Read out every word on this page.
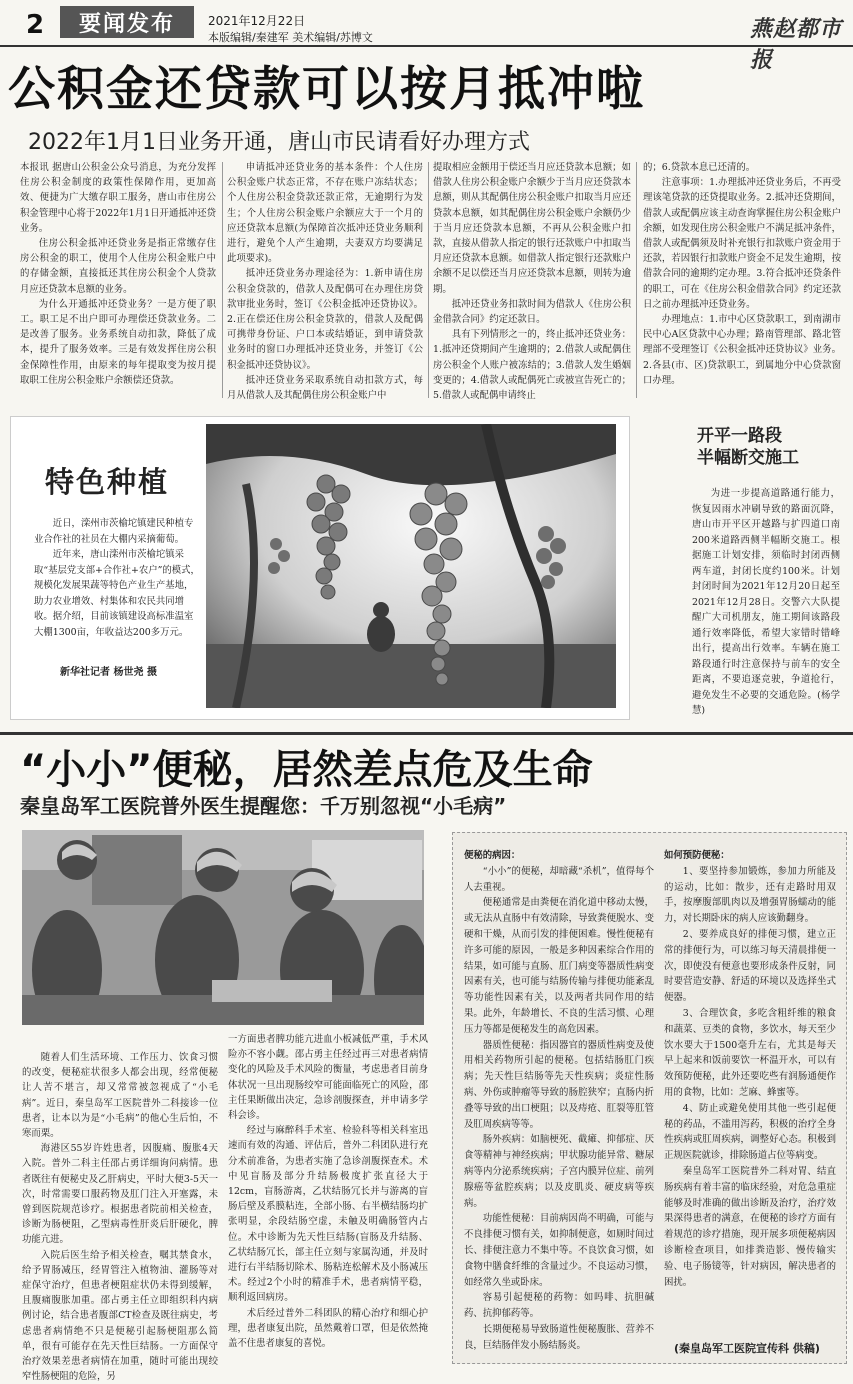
2	要闻发布	2021年12月22日
本版编辑/秦建军 美术编辑/苏博文	燕赵都市报
公积金还贷款可以按月抵冲啦
2022年1月1日业务开通，唐山市民请看好办理方式

本报讯 据唐山公积金公众号消息，为充分发挥住房公积金制度的政策性保障作用，更加高效、便捷为广大缴存职工服务，唐山市住房公积金管理中心将于2022年1月1日开通抵冲还贷业务。

住房公积金抵冲还贷业务是指正常缴存住房公积金的职工，使用个人住房公积金账户中的存储金额，直接抵还其住房公积金个人贷款月应还贷款本息额的业务。

为什么开通抵冲还贷业务？一是方便了职工。职工足不出户即可办理偿还贷款业务。二是改善了服务。业务系统自动扣款，降低了成本，提升了服务效率。三是有效发挥住房公积金保障性作用，由原来的每年提取变为按月提取职工住房公积金账户余额偿还贷款。

申请抵冲还贷业务的基本条件：个人住房公积金账户状态正常，不存在账户冻结状态；个人住房公积金贷款还款正常，无逾期行为发生；个人住房公积金账户余额应大于一个月的应还贷款本息额(为保障首次抵冲还贷业务顺利进行，避免个人产生逾期，夫妻双方均要满足此项要求)。

抵冲还贷业务办理途径为：1.新申请住房公积金贷款的，借款人及配偶可在办理住房贷款审批业务时，签订《公积金抵冲还贷协议》。2.正在偿还住房公积金贷款的，借款人及配偶可携带身份证、户口本或结婚证，到申请贷款业务时的窗口办理抵冲还贷业务，并签订《公积金抵冲还贷协议》。

抵冲还贷业务采取系统自动扣款方式，每月从借款人及其配偶住房公积金账户中

提取相应金额用于偿还当月应还贷款本息额；如借款人住房公积金账户余额少于当月应还贷款本息额，则从其配偶住房公积金账户扣取当月应还贷款本息额，如其配偶住房公积金账户余额仍少于当月应还贷款本息额，不再从公积金账户扣款，直接从借款人指定的银行还款账户中扣取当月应还贷款本息额。如借款人指定银行还款账户余额不足以偿还当月应还贷款本息额，则转为逾期。

抵冲还贷业务扣款时间为借款人《住房公积金借款合同》约定还款日。

具有下列情形之一的，终止抵冲还贷业务：1.抵冲还贷期间产生逾期的；2.借款人或配偶住房公积金个人账户被冻结的；3.借款人发生婚姻变更的；4.借款人或配偶死亡或被宣告死亡的；5.借款人或配偶申请终止

的；6.贷款本息已还清的。

注意事项：1.办理抵冲还贷业务后，不再受理该笔贷款的还贷提取业务。2.抵冲还贷期间，借款人或配偶应该主动查询掌握住房公积金账户余额，如发现住房公积金账户不满足抵冲条件，借款人或配偶须及时补充银行扣款账户资金用于还款，若因银行扣款账户资金不足发生逾期，按借款合同的逾期约定办理。3.符合抵冲还贷条件的职工，可在《住房公积金借款合同》约定还款日之前办理抵冲还贷业务。

办理地点：1.市中心区贷款职工，到南湖市民中心A区贷款中心办理；路南管理部、路北管理部不受理签订《公积金抵冲还贷协议》业务。2.各县(市、区)贷款职工，到属地分中心贷款窗口办理。

特色种植

近日，滦州市茨榆坨镇建民种植专业合作社的社员在大棚内采摘葡萄。

近年来，唐山滦州市茨榆坨镇采取“基层党支部+合作社+农户”的模式，规模化发展果蔬等特色产业生产基地，助力农业增效、村集体和农民共同增收。据介绍，目前该镇建设高标准温室大棚1300亩，年收益达200多万元。

新华社记者 杨世尧 摄
开平一路段
半幅断交施工

为进一步提高道路通行能力，恢复因雨水冲刷导致的路面沉降，唐山市开平区开越路与扩四道口南200米道路西侧半幅断交施工。根据施工计划安排，须临时封闭西侧两车道，封闭长度约100米。计划封闭时间为2021年12月20日起至2021年12月28日。交警六大队提醒广大司机朋友，施工期间该路段通行效率降低，希望大家错时错峰出行，提高出行效率。车辆在施工路段通行时注意保持与前车的安全距离，不要追逐竞驶，争道抢行，避免发生不必要的交通危险。(杨学慧)

“小小”便秘，居然差点危及生命
秦皇岛军工医院普外医生提醒您：千万别忽视“小毛病”

随着人们生活环境、工作压力、饮食习惯的改变，便秘症状很多人都会出现，经常便秘让人苦不堪言，却又常常被忽视成了“小毛病”。近日，秦皇岛军工医院普外二科接诊一位患者，让本以为是“小毛病”的他心生后怕，不寒而栗。

海港区55岁许姓患者，因腹痛、腹胀4天入院。普外二科主任邵占勇详细询问病情。患者既往有便秘史及乙肝病史，平时大便3-5天一次，时常需要口服药物及肛门注入开塞露，未曾到医院规范诊疗。根据患者院前相关检查，诊断为肠梗阻，乙型病毒性肝炎后肝硬化，脾功能亢进。

入院后医生给予相关检查，嘱其禁食水，给予胃肠减压，经胃管注入植物油、灌肠等对症保守治疗，但患者梗阻症状仍未得到缓解，且腹痛腹胀加重。邵占勇主任立即组织科内病例讨论，结合患者腹部CT检查及既往病史，考虑患者病情绝不只是便秘引起肠梗阻那么简单，很有可能存在先天性巨结肠。一方面保守治疗效果差患者病情在加重，随时可能出现绞窄性肠梗阻的危险，另

一方面患者脾功能亢进血小板减低严重，手术风险亦不容小觑。邵占勇主任经过再三对患者病情变化的风险及手术风险的衡量，考虑患者目前身体状况一旦出现肠绞窄可能面临死亡的风险，邵主任果断做出决定，急诊剖腹探查，并申请多学科会诊。

经过与麻醉科手术室、检验科等相关科室迅速而有效的沟通、评估后，普外二科团队进行充分术前准备，为患者实施了急诊剖腹探查术。术中见盲肠及部分升结肠极度扩张直径大于12cm，盲肠游离，乙状结肠冗长并与游离的盲肠后壁及系膜粘连，全部小肠、右半横结肠均扩张明显，余段结肠空虚，未触及明确肠管内占位。术中诊断为先天性巨结肠(盲肠及升结肠、乙状结肠冗长，部主任立刻与家属沟通，并及时进行右半结肠切除术、肠粘连松解术及小肠减压术。经过2个小时的精准手术，患者病情平稳，顺利返回病房。

术后经过普外二科团队的精心治疗和细心护理，患者康复出院，虽然戴着口罩，但是依然掩盖不住患者康复的喜悦。

便秘的病因：

“小小”的便秘，却暗藏“杀机”，值得每个人去重视。

便秘通常是由粪便在消化道中移动太慢，或无法从直肠中有效清除，导致粪便脱水、变硬和干燥，从而引发的排便困难。慢性便秘有许多可能的原因，一般是多种因素综合作用的结果，如可能与直肠、肛门病变等器质性病变因素有关，也可能与结肠传输与排便功能紊乱等功能性因素有关，以及两者共同作用的结果。此外，年龄增长、不良的生活习惯、心理压力等都是便秘发生的高危因素。

器质性便秘：指因器官的器质性病变及使用相关药物所引起的便秘。包括结肠肛门疾病；先天性巨结肠等先天性疾病；炎症性肠病、外伤或肿瘤等导致的肠腔狭窄；直肠内折叠等导致的出口梗阻；以及痔疮、肛裂等肛管及肛周疾病等等。

肠外疾病：如脑梗死、截瘫、抑郁症、厌食等精神与神经疾病；甲状腺功能异常、糖尿病等内分泌系统疾病；子宫内膜异位症、前列腺癌等盆腔疾病；以及皮肌炎、硬皮病等疾病。

功能性便秘：目前病因尚不明确，可能与不良排便习惯有关，如抑制便意，如厕时间过长、排便注意力不集中等。不良饮食习惯，如食物中膳食纤维的含量过少。不良运动习惯，如经常久坐或卧床。

容易引起便秘的药物：如吗啡、抗胆碱药、抗抑郁药等。

长期便秘易导致肠道性便秘腹胀、营养不良，巨结肠伴发小肠结肠炎。

如何预防便秘：

1、要坚持参加锻炼，参加力所能及的运动，比如：散步，还有走路时用双手，按摩腹部肌肉以及增强胃肠蠕动的能力，对长期卧床的病人应该勤翻身。

2、要养成良好的排便习惯，建立正常的排便行为，可以练习每天清晨排便一次，即使没有便意也要形成条件反射，同时要营造安静、舒适的环境以及选择坐式便器。

3、合理饮食，多吃含粗纤维的粮食和蔬菜、豆类的食物，多饮水，每天至少饮水要大于1500毫升左右，尤其是每天早上起来和饭前要饮一杯温开水，可以有效预防便秘，此外还要吃些有润肠通便作用的食物，比如：芝麻、蜂蜜等。

4、防止或避免使用其他一些引起便秘的药品，不滥用泻药，积极的治疗全身性疾病或肛周疾病，调整好心态。积极到正规医院就诊，排除肠道占位等病变。

秦皇岛军工医院普外二科对胃、结直肠疾病有着丰富的临床经验，对危急重症能够及时准确的做出诊断及治疗，治疗效果深得患者的满意，在便秘的诊疗方面有着规范的诊疗措施，现开展多项便秘病因诊断检查项目，如排粪造影、慢传输实验、电子肠镜等，针对病因，解决患者的困扰。

(秦皇岛军工医院宣传科 供稿)
